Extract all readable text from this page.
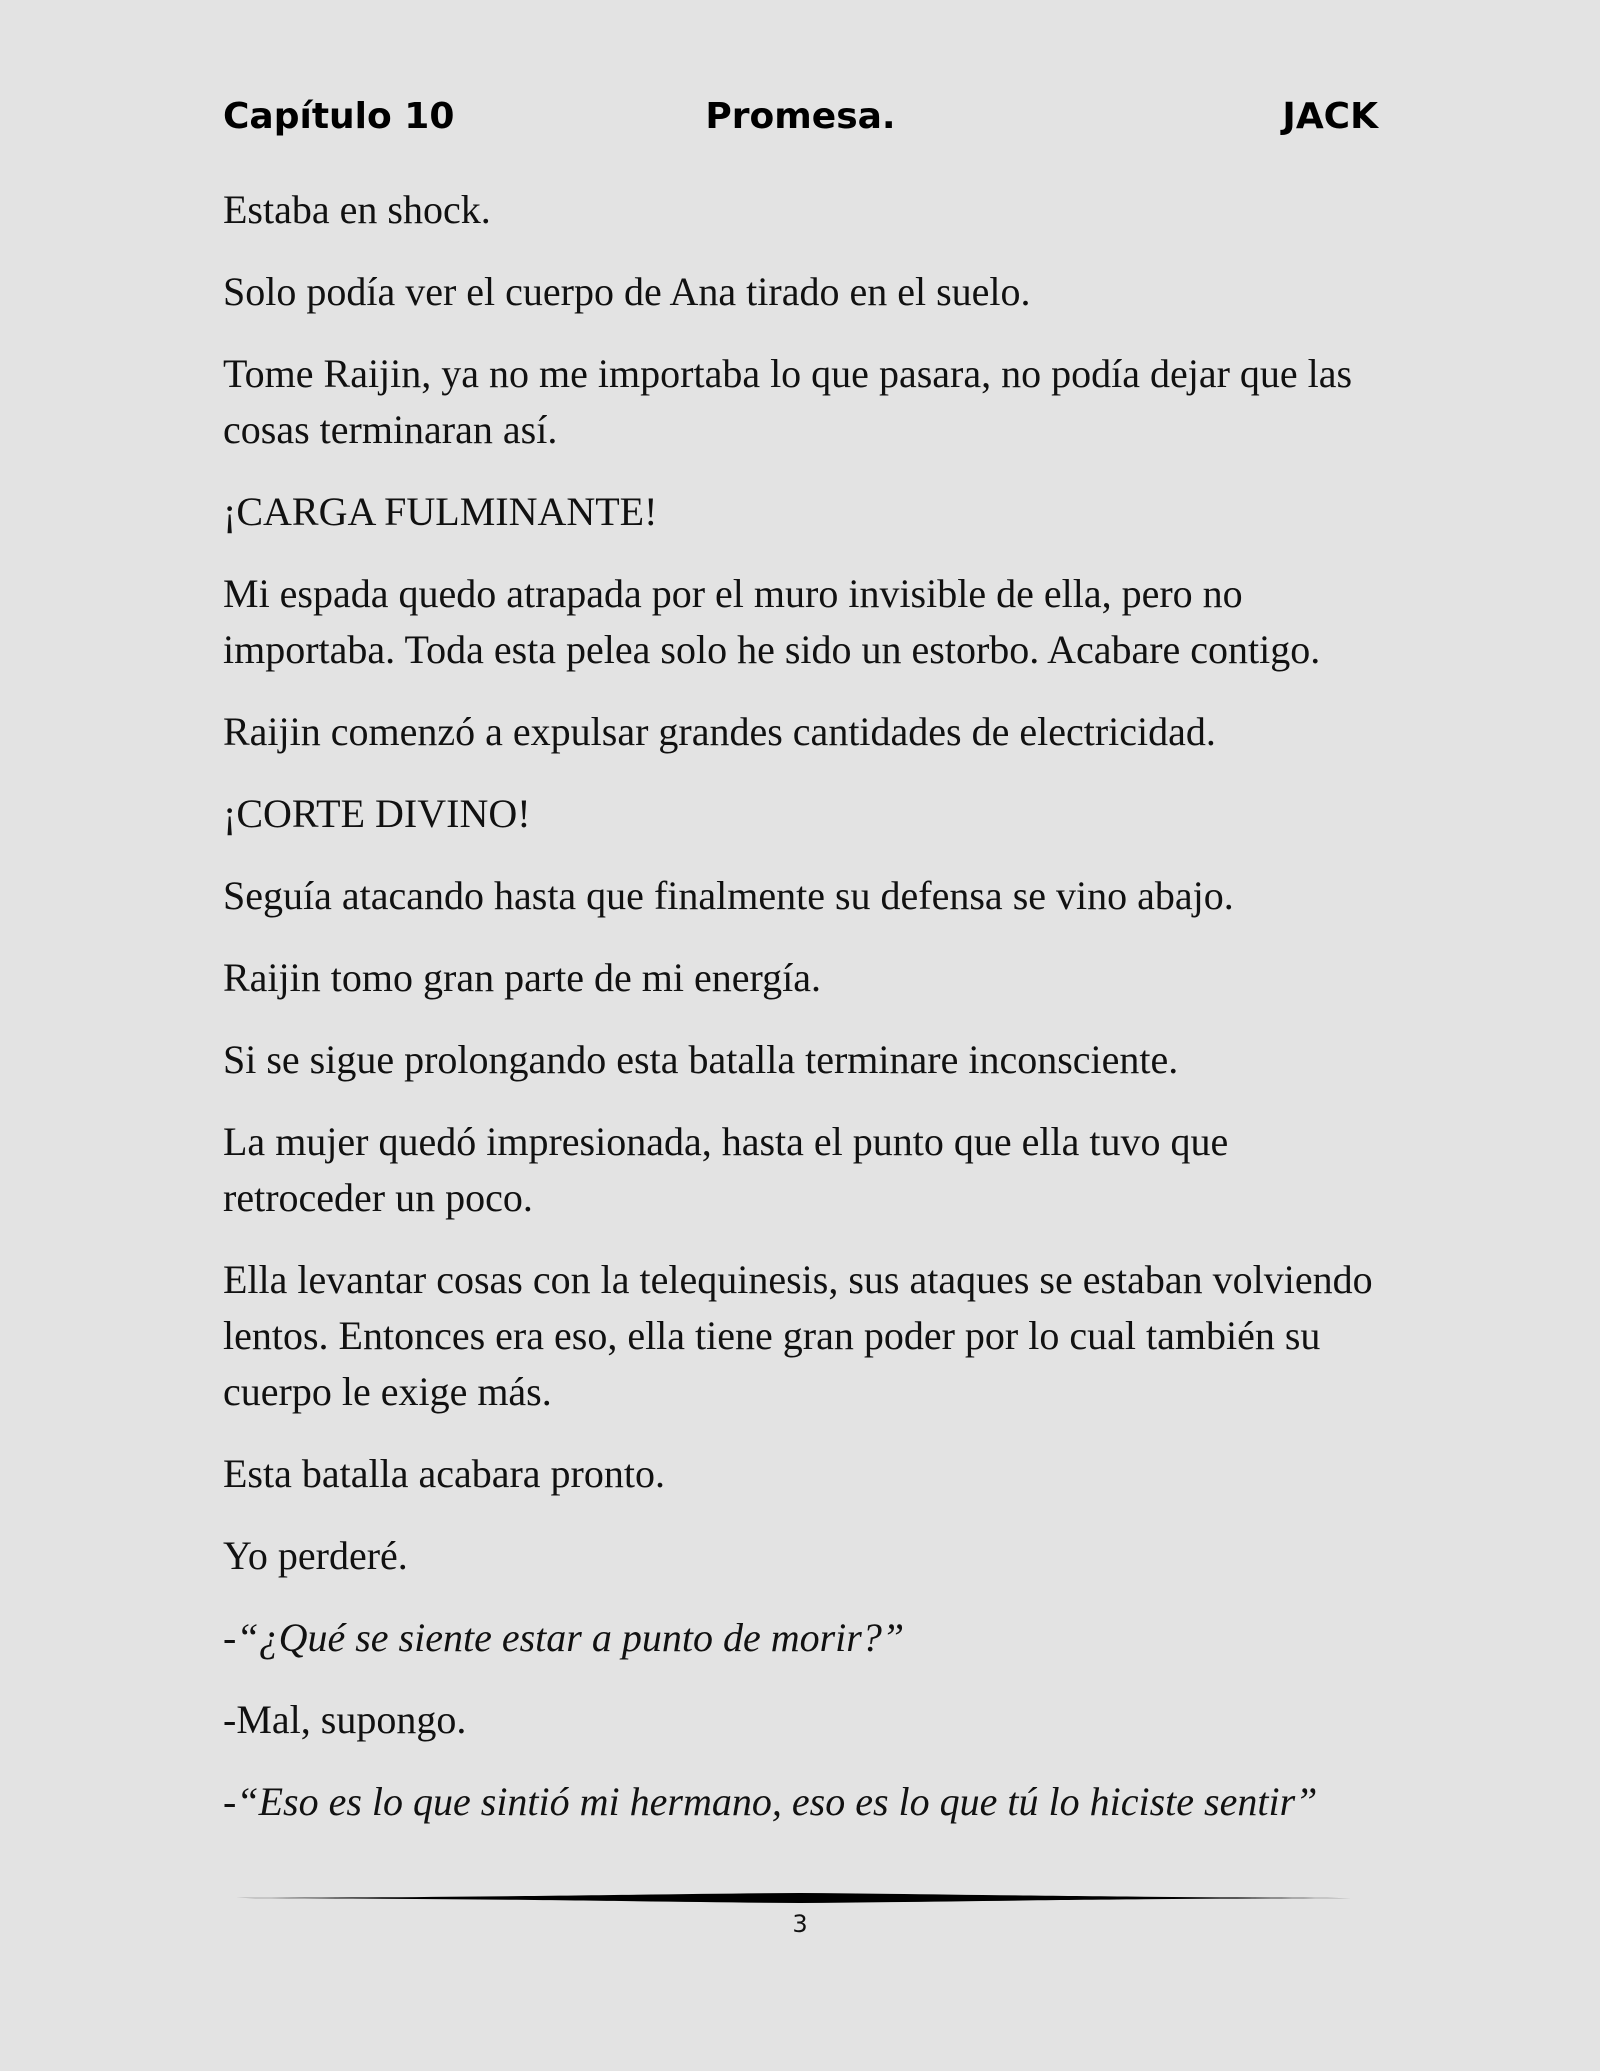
Capítulo 10	Promesa.	JACK

Estaba en shock.

Solo podía ver el cuerpo de Ana tirado en el suelo.

Tome Raijin, ya no me importaba lo que pasara, no podía dejar que las cosas terminaran así.

¡CARGA FULMINANTE!

Mi espada quedo atrapada por el muro invisible de ella, pero no importaba. Toda esta pelea solo he sido un estorbo. Acabare contigo.

Raijin comenzó a expulsar grandes cantidades de electricidad.

¡CORTE DIVINO!

Seguía atacando hasta que finalmente su defensa se vino abajo.

Raijin tomo gran parte de mi energía.

Si se sigue prolongando esta batalla terminare inconsciente.

La mujer quedó impresionada, hasta el punto que ella tuvo que retroceder un poco.

Ella levantar cosas con la telequinesis, sus ataques se estaban volviendo lentos. Entonces era eso, ella tiene gran poder por lo cual también su cuerpo le exige más.

Esta batalla acabara pronto.

Yo perderé.

-“¿Qué se siente estar a punto de morir?”

-Mal, supongo.

-“Eso es lo que sintió mi hermano, eso es lo que tú lo hiciste sentir”

3
